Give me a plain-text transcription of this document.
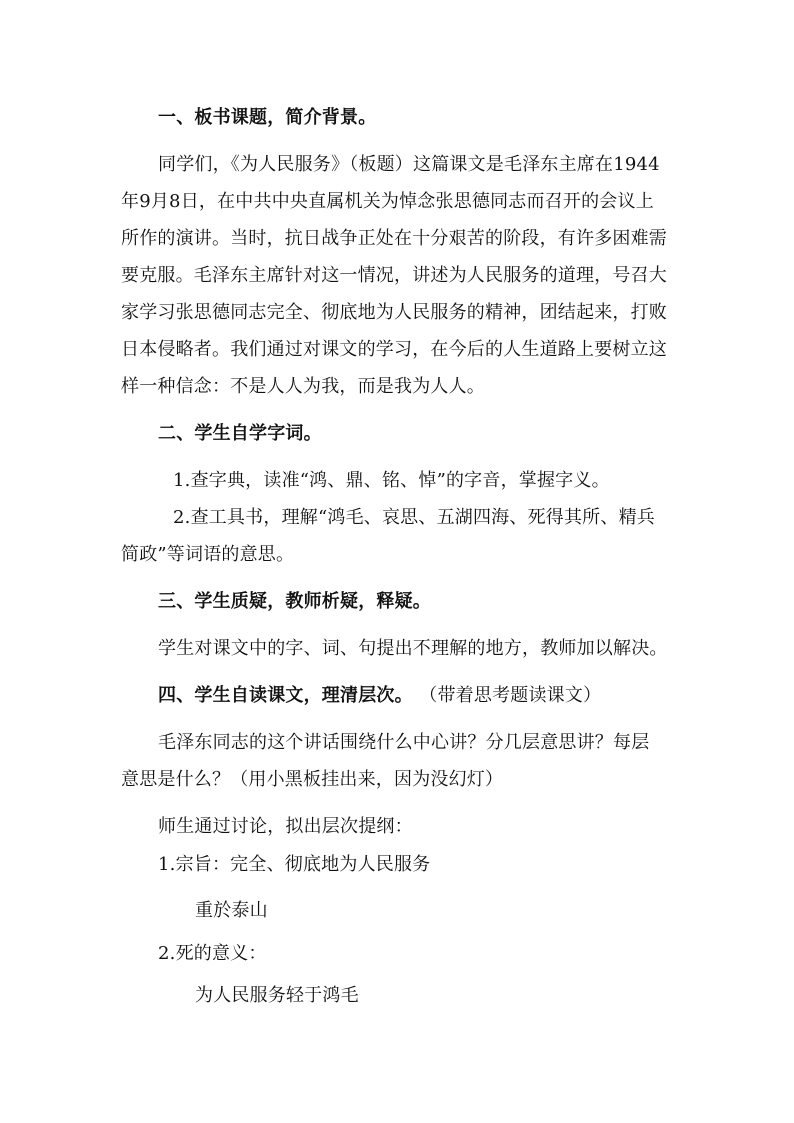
一、板书课题，简介背景。
同学们，《为人民服务》（板题）这篇课文是毛泽东主席在1944
年9月8日，在中共中央直属机关为悼念张思德同志而召开的会议上
所作的演讲。当时，抗日战争正处在十分艰苦的阶段，有许多困难需
要克服。毛泽东主席针对这一情况，讲述为人民服务的道理，号召大
家学习张思德同志完全、彻底地为人民服务的精神，团结起来，打败
日本侵略者。我们通过对课文的学习，在今后的人生道路上要树立这
样一种信念：不是人人为我，而是我为人人。
二、学生自学字词。
1.查字典，读准“鸿、鼎、铭、悼”的字音，掌握字义。
2.查工具书，理解“鸿毛、哀思、五湖四海、死得其所、精兵
简政”等词语的意思。
三、学生质疑，教师析疑，释疑。
学生对课文中的字、词、句提出不理解的地方，教师加以解决。
四、学生自读课文，理清层次。 （带着思考题读课文）
毛泽东同志的这个讲话围绕什么中心讲？分几层意思讲？每层
意思是什么？（用小黑板挂出来，因为没幻灯）
师生通过讨论，拟出层次提纲：
1.宗旨：完全、彻底地为人民服务
重於泰山
2.死的意义：
为人民服务轻于鸿毛
